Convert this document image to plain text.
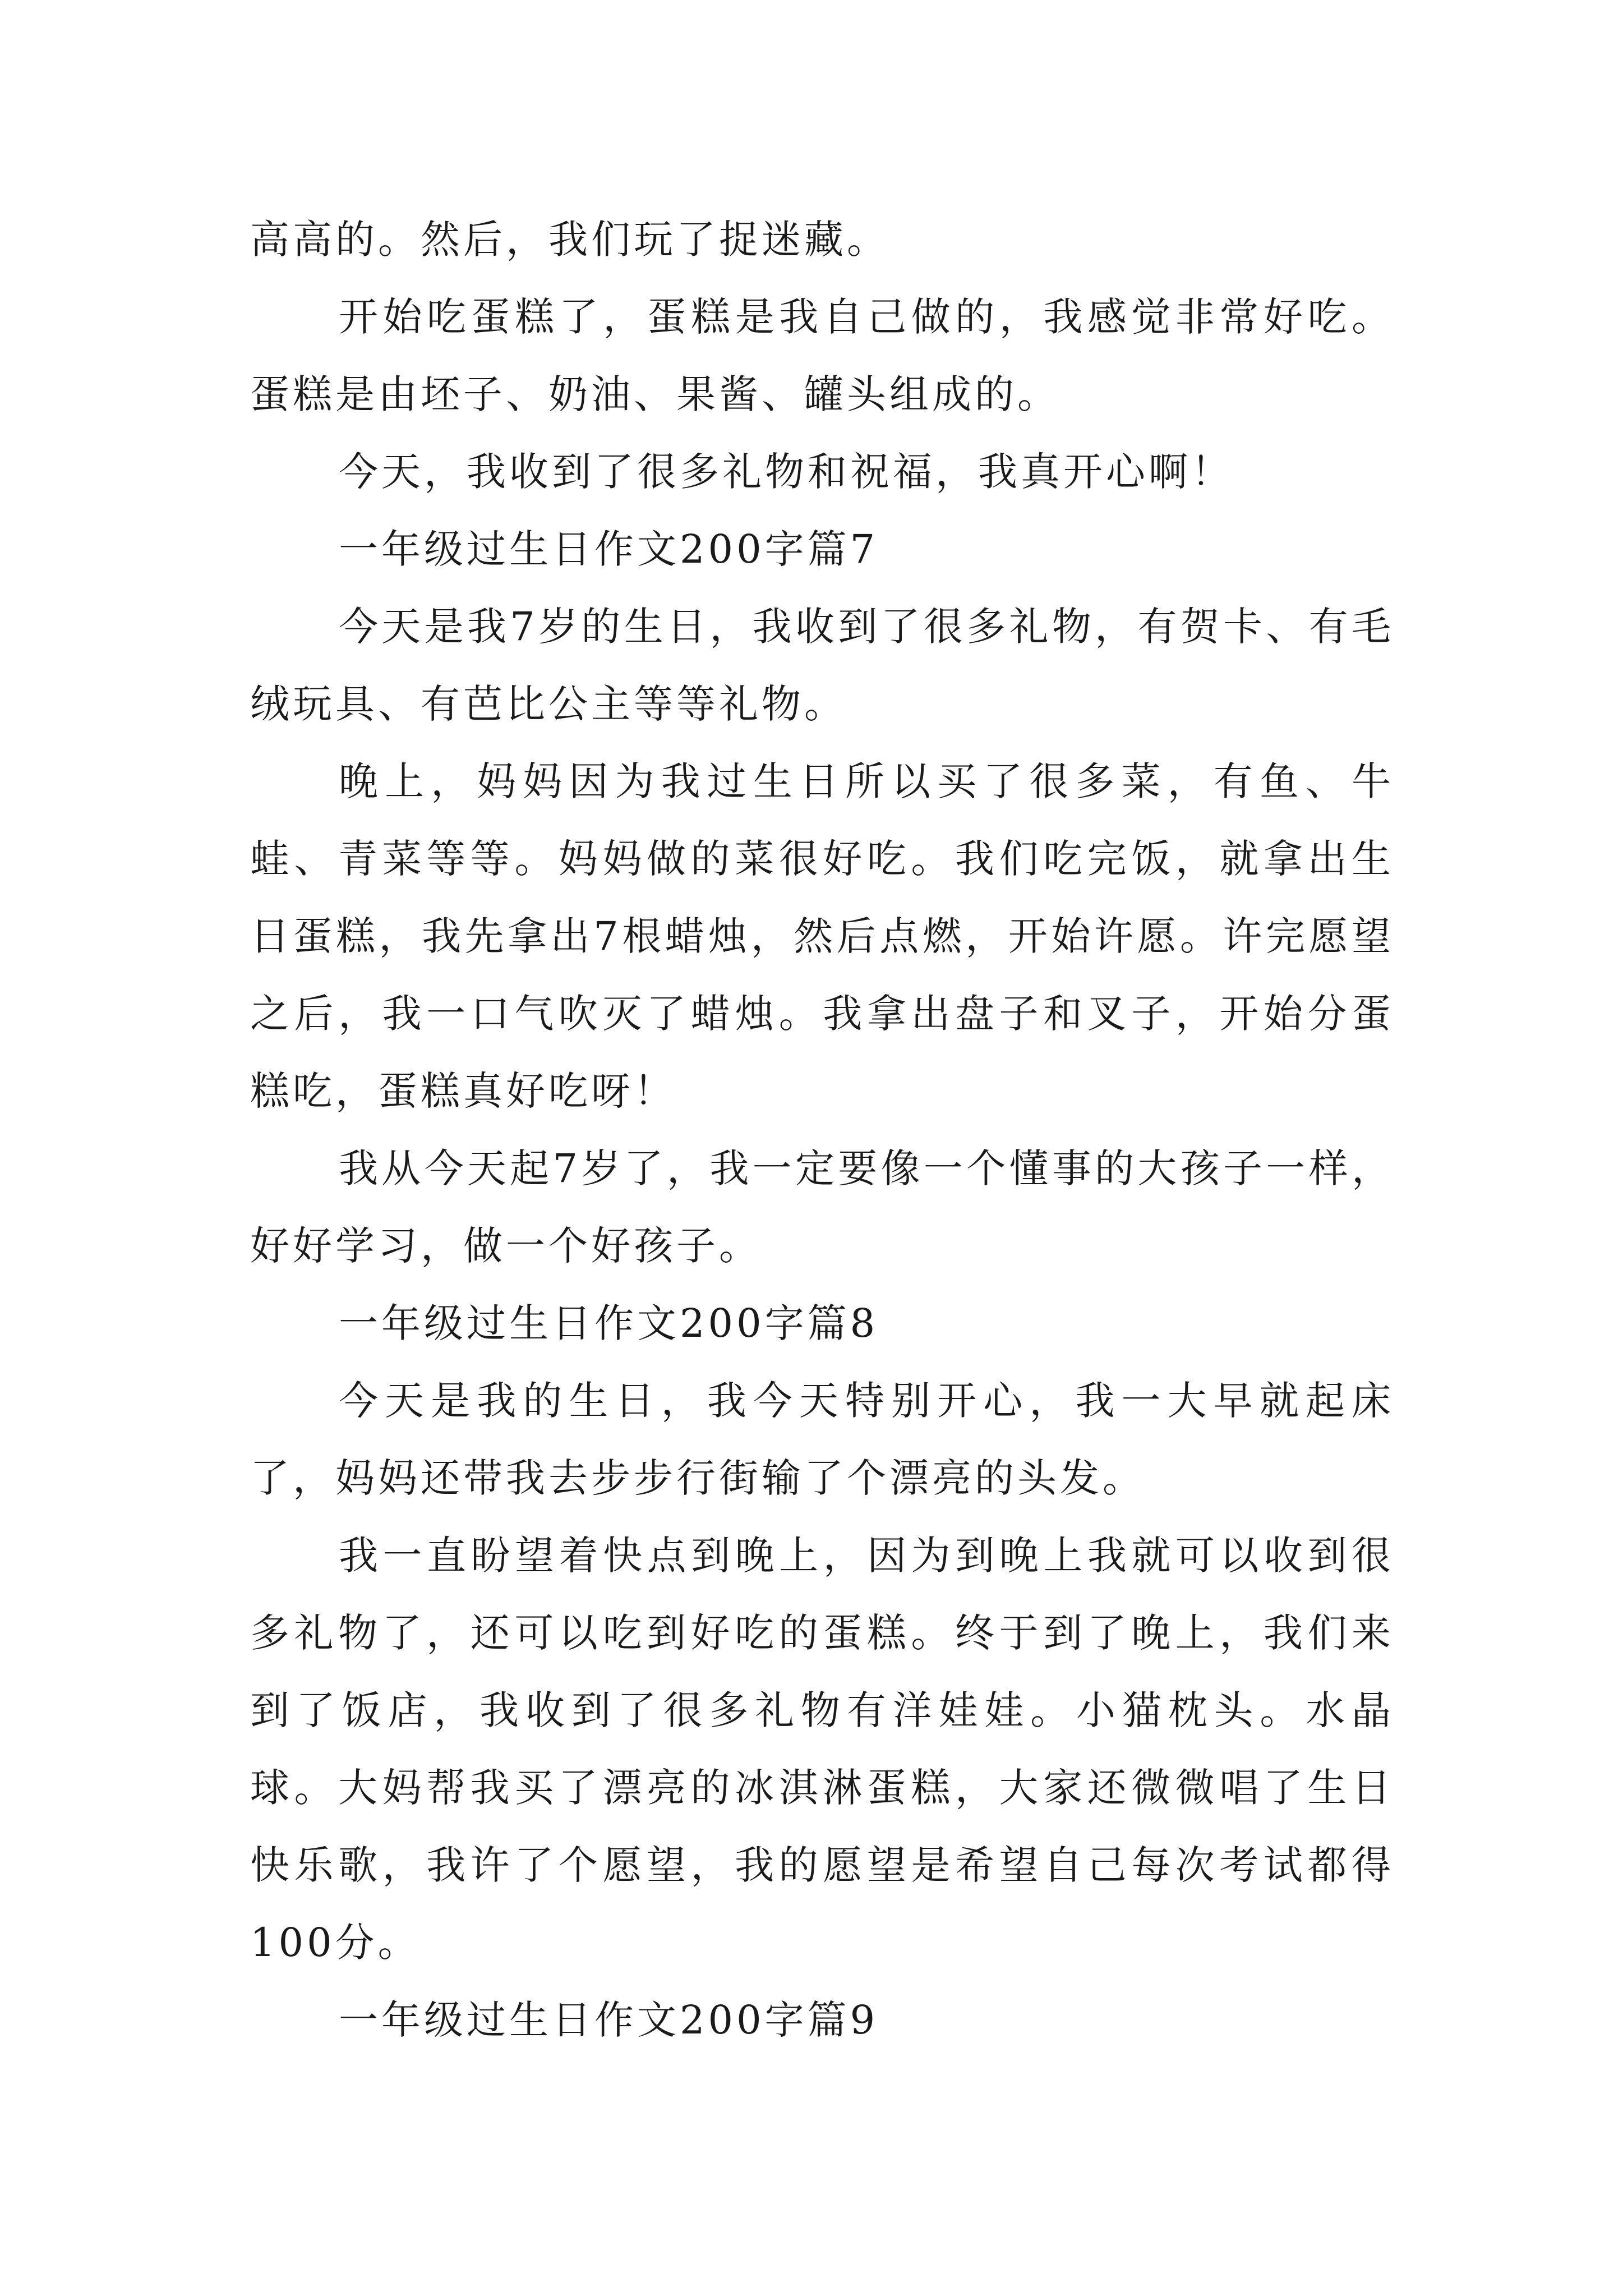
高高的。然后，我们玩了捉迷藏。

开始吃蛋糕了，蛋糕是我自己做的，我感觉非常好吃。蛋糕是由坯子、奶油、果酱、罐头组成的。

今天，我收到了很多礼物和祝福，我真开心啊！

一年级过生日作文200字篇7

今天是我7岁的生日，我收到了很多礼物，有贺卡、有毛绒玩具、有芭比公主等等礼物。

晚上，妈妈因为我过生日所以买了很多菜，有鱼、牛蛙、青菜等等。妈妈做的菜很好吃。我们吃完饭，就拿出生日蛋糕，我先拿出7根蜡烛，然后点燃，开始许愿。许完愿望之后，我一口气吹灭了蜡烛。我拿出盘子和叉子，开始分蛋糕吃，蛋糕真好吃呀！

我从今天起7岁了，我一定要像一个懂事的大孩子一样，好好学习，做一个好孩子。

一年级过生日作文200字篇8

今天是我的生日，我今天特别开心，我一大早就起床了，妈妈还带我去步步行街输了个漂亮的头发。

我一直盼望着快点到晚上，因为到晚上我就可以收到很多礼物了，还可以吃到好吃的蛋糕。终于到了晚上，我们来到了饭店，我收到了很多礼物有洋娃娃。小猫枕头。水晶球。大妈帮我买了漂亮的冰淇淋蛋糕，大家还微微唱了生日快乐歌，我许了个愿望，我的愿望是希望自己每次考试都得100分。

一年级过生日作文200字篇9
